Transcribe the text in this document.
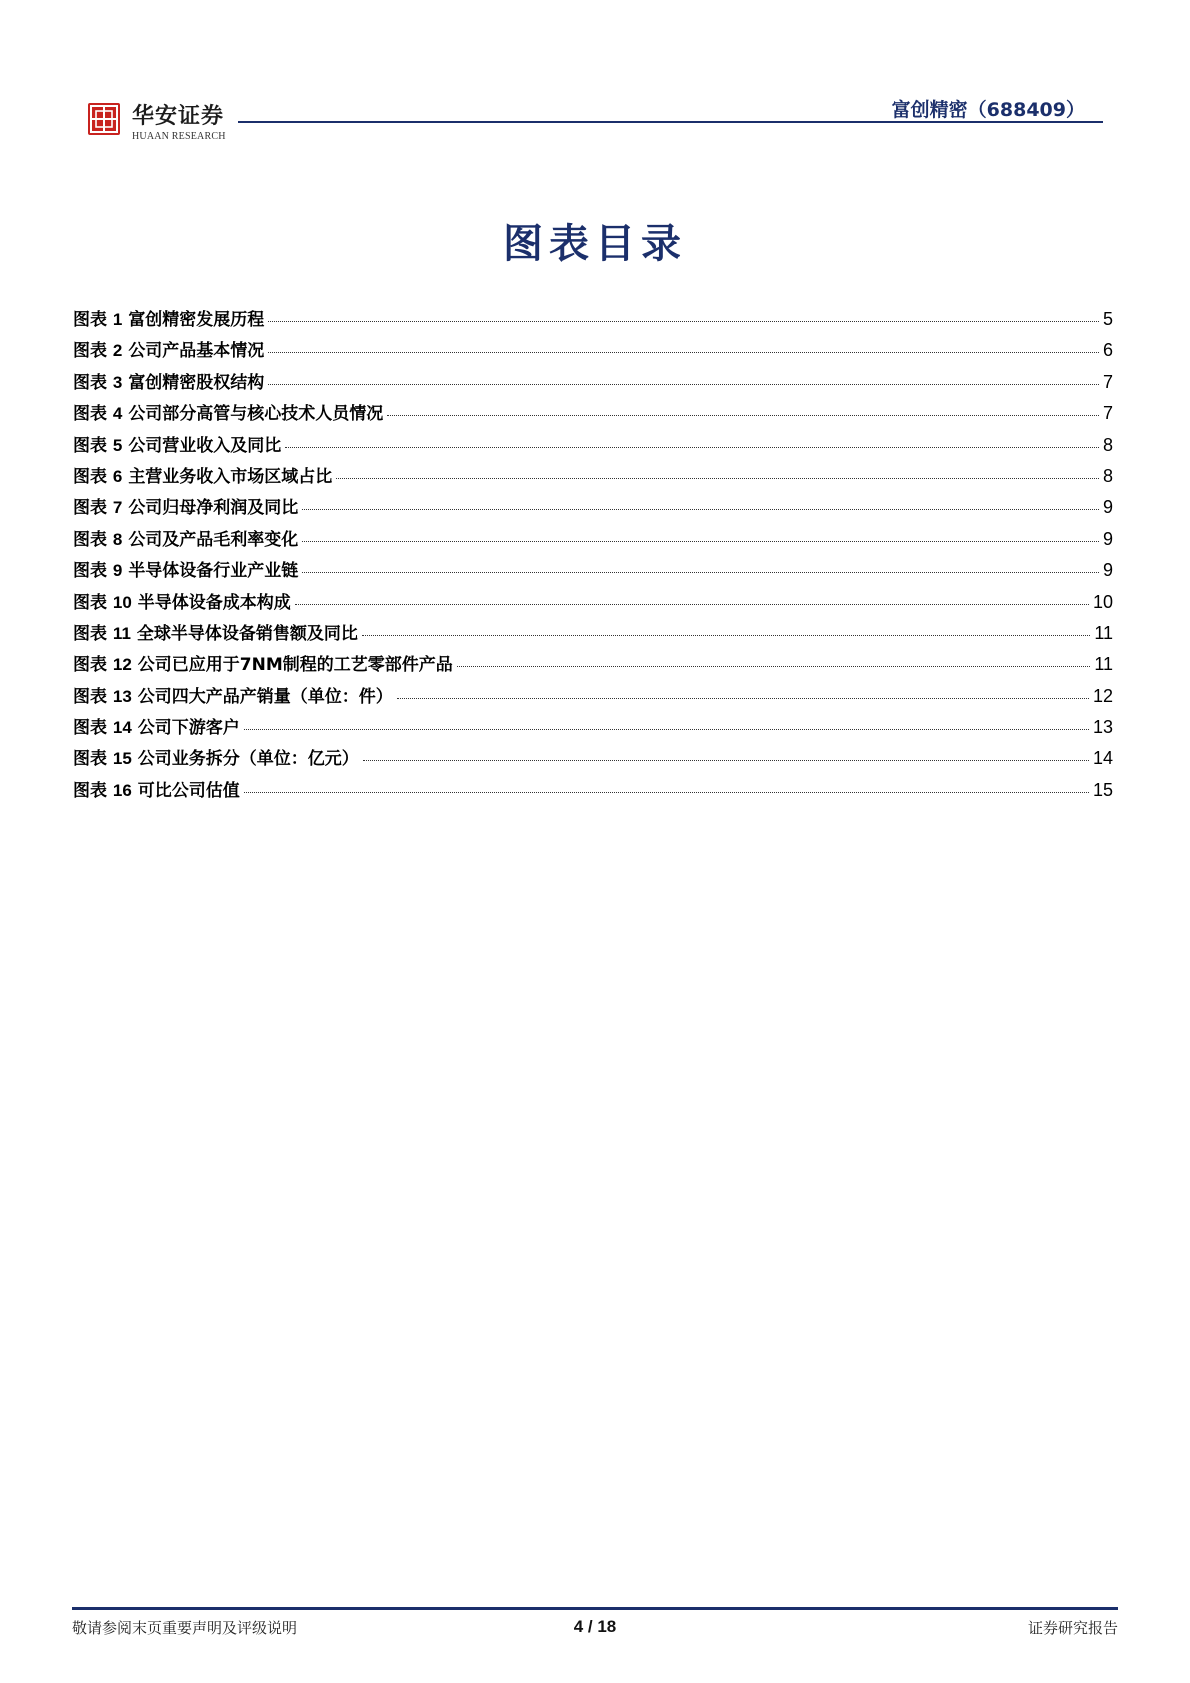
华安证券
HUAAN RESEARCH
富创精密（688409）
图表目录
图表 1 富创精密发展历程	5
图表 2 公司产品基本情况	6
图表 3 富创精密股权结构	7
图表 4 公司部分高管与核心技术人员情况	7
图表 5 公司营业收入及同比	8
图表 6 主营业务收入市场区域占比	8
图表 7 公司归母净利润及同比	9
图表 8 公司及产品毛利率变化	9
图表 9 半导体设备行业产业链	9
图表 10 半导体设备成本构成	10
图表 11 全球半导体设备销售额及同比	11
图表 12 公司已应用于7NM制程的工艺零部件产品	11
图表 13 公司四大产品产销量（单位：件）	12
图表 14 公司下游客户	13
图表 15 公司业务拆分（单位：亿元）	14
图表 16 可比公司估值	15
敬请参阅末页重要声明及评级说明	4 / 18	证券研究报告
